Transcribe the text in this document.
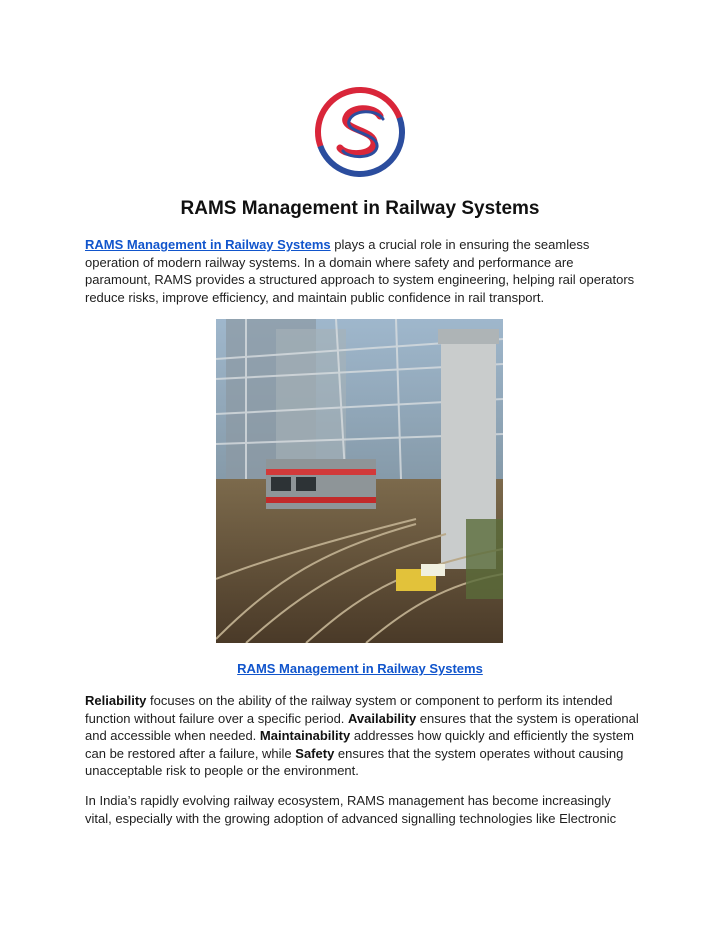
RAMS Management in Railway Systems
RAMS Management in Railway Systems plays a crucial role in ensuring the seamless operation of modern railway systems. In a domain where safety and performance are paramount, RAMS provides a structured approach to system engineering, helping rail operators reduce risks, improve efficiency, and maintain public confidence in rail transport.
RAMS Management in Railway Systems
Reliability focuses on the ability of the railway system or component to perform its intended function without failure over a specific period. Availability ensures that the system is operational and accessible when needed. Maintainability addresses how quickly and efficiently the system can be restored after a failure, while Safety ensures that the system operates without causing unacceptable risk to people or the environment.
In India’s rapidly evolving railway ecosystem, RAMS management has become increasingly vital, especially with the growing adoption of advanced signalling technologies like Electronic
